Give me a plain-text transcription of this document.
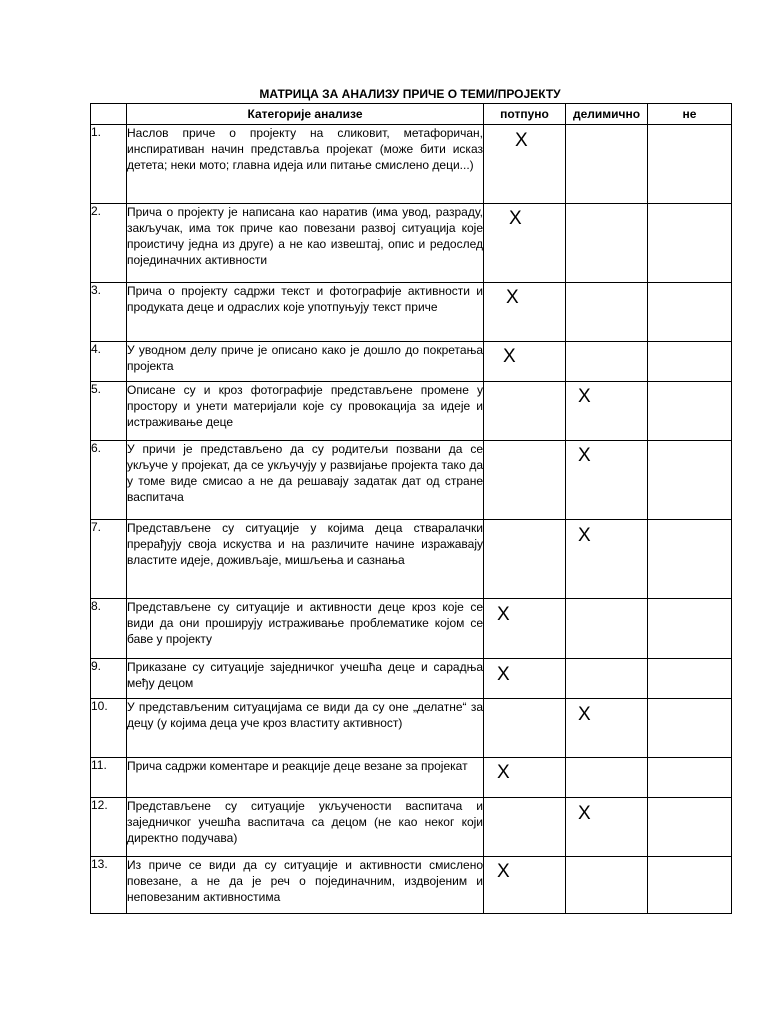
МАТРИЦА ЗА АНАЛИЗУ ПРИЧЕ О ТЕМИ/ПРОЈЕКТУ
	Категорије анализе	потпуно	делимично	не
1.	Наслов приче о пројекту на сликовит, метафоричан, инспиративан начин представља пројекат (може бити исказ детета; неки мото; главна идеја или питање смислено деци...)	X		

2.	Прича о пројекту је написана као наратив (има увод, разраду, закључак, има ток приче као повезани развој ситуација које проистичу једна из друге) а не као извештај, опис и редослед појединачних активности	X		

3.	Прича о пројекту садржи текст и фотографије активности и продуката деце и одраслих које употпуњују текст приче	X		

4.	У уводном делу приче је описано како је дошло до покретања пројекта	X		

5.	Описане су и кроз фотографије представљене промене у простору и унети материјали које су провокација за идеје и истраживање деце		X	

6.	У причи је представљено да су родитељи позвани да се укључе у пројекат, да се укључују у развијање пројекта тако да у томе виде смисао а не да решавају задатак дат од стране васпитача		X	

7.	Представљене су ситуације у којима деца стваралачки прерађују своја искуства и на различите начине изражавају властите идеје, доживљаје, мишљења и сазнања		X	

8.	Представљене су ситуације и активности деце кроз које се види да они проширују истраживање проблематике којом се баве у пројекту	X		

9.	Приказане су ситуације заједничког учешћа деце и сарадња међу децом	X		

10.	У представљеним ситуацијама се види да су оне „делатне“ за децу (у којима деца уче кроз властиту активност)		X	

11.	Прича садржи коментаре и реакције деце везане за пројекат	X		

12.	Представљене су ситуације укључености васпитача и заједничког учешћа васпитача са децом (не као неког који директно подучава)		X	

13.	Из приче се види да су ситуације и активности смислено повезане, а не да је реч о појединачним, издвојеним и неповезаним активностима	X		
